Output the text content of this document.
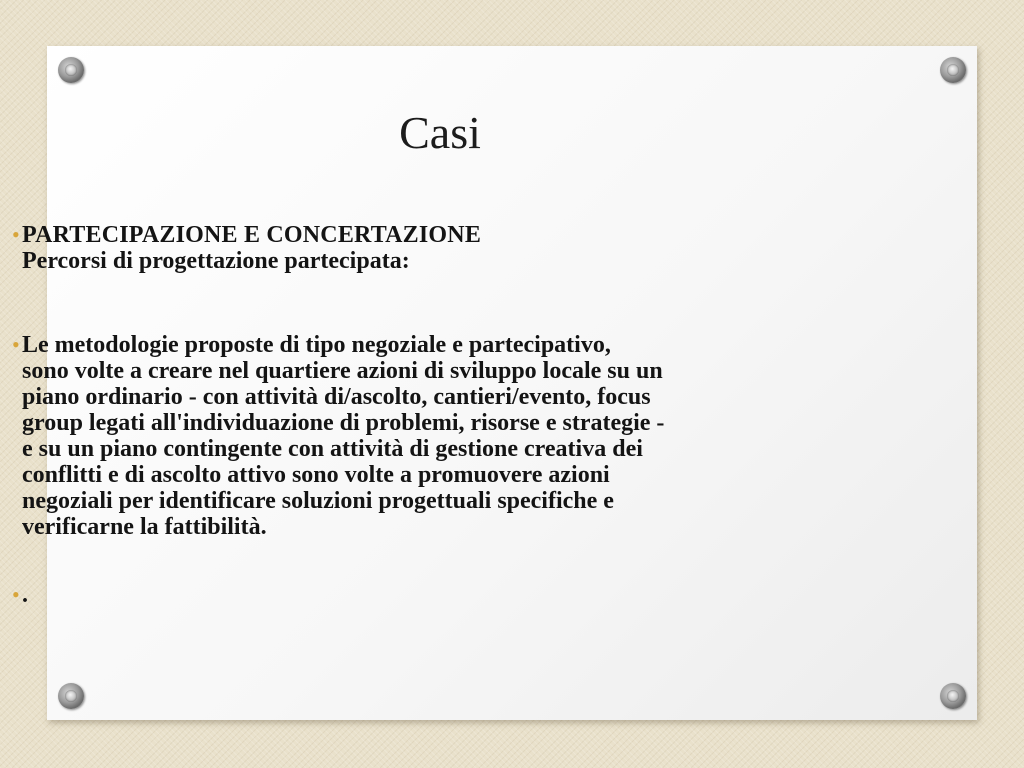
Casi
• PARTECIPAZIONE E CONCERTAZIONE
Percorsi di progettazione partecipata:
• Le metodologie proposte di tipo negoziale e partecipativo,
sono volte a creare nel quartiere azioni di sviluppo locale su un
piano ordinario - con attività di/ascolto, cantieri/evento, focus
group legati all'individuazione di problemi, risorse e strategie -
e su un piano contingente con attività di gestione creativa dei
conflitti e di ascolto attivo sono volte a promuovere azioni
negoziali per identificare soluzioni progettuali specifiche e
verificarne la fattibilità.
• .
